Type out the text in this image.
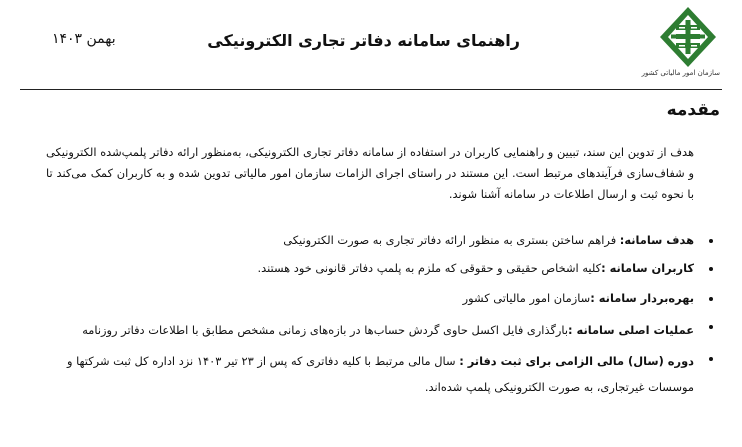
سازمان امور مالیاتی کشور
راهنمای سامانه دفاتر تجاری الکترونیکی
بهمن ۱۴۰۳
مقدمه

هدف از تدوین این سند، تبیین و راهنمایی کاربران در استفاده از سامانه دفاتر تجاری الکترونیکی، به‌منظور ارائه دفاتر پلمپ‌شده الکترونیکی و شفاف‌سازی فرآیندهای مرتبط است. این مستند در راستای اجرای الزامات سازمان امور مالیاتی تدوین شده و به کاربران کمک می‌کند تا با نحوه ثبت و ارسال اطلاعات در سامانه آشنا شوند.

هدف سامانه: فراهم ساختن بستری به منظور ارائه دفاتر تجاری به صورت الکترونیکی
کاربران سامانه :کلیه اشخاص حقیقی و حقوقی که ملزم به پلمپ دفاتر قانونی خود هستند.
بهره‌بردار سامانه :سازمان امور مالیاتی کشور
عملیات اصلی سامانه :بارگذاری فایل اکسل حاوی گردش حساب‌ها در بازه‌های زمانی مشخص مطابق با اطلاعات دفاتر روزنامه
دوره (سال) مالی الزامی برای ثبت دفاتر : سال مالی مرتبط با کلیه دفاتری که پس از ۲۳ تیر ۱۴۰۳ نزد اداره کل ثبت شرکتها و موسسات غیرتجاری، به صورت الکترونیکی پلمپ شده‌اند.
